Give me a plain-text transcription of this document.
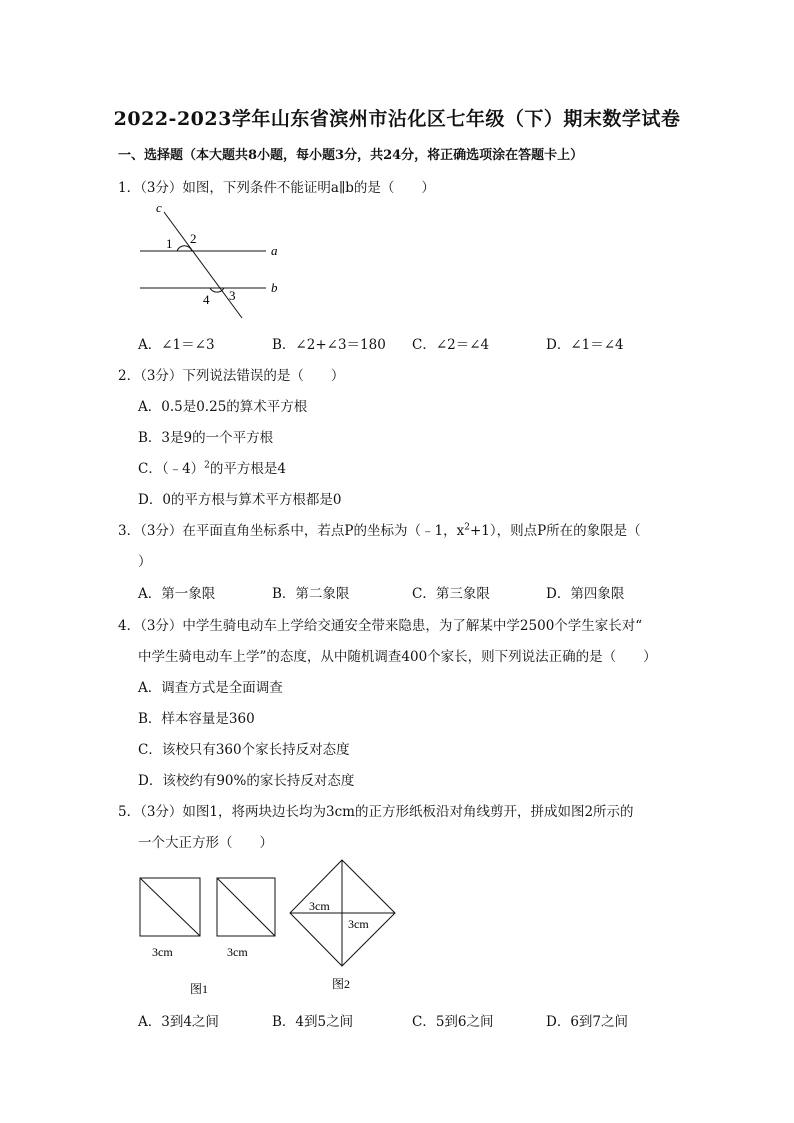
2022-2023学年山东省滨州市沾化区七年级（下）期末数学试卷
一、选择题（本大题共8小题，每小题3分，共24分，将正确选项涂在答题卡上）
1．（3分）如图，下列条件不能证明a∥b的是（　　）
c
a
b
1 2
3
4
A．∠1＝∠3	B．∠2+∠3＝180 C．∠2＝∠4	D．∠1＝∠4
2．（3分）下列说法错误的是（　　）
A．0.5是0.25的算术平方根
B．3是9的一个平方根
C．（﹣4）$^2$的平方根是4
D．0的平方根与算术平方根都是0
3．（3分）在平面直角坐标系中，若点P的坐标为（﹣1，$x^2+1$），则点P所在的象限是（
）
A．第一象限	B．第二象限	C．第三象限	D．第四象限
4．（3分）中学生骑电动车上学给交通安全带来隐患，为了解某中学2500个学生家长对“
中学生骑电动车上学”的态度，从中随机调查400个家长，则下列说法正确的是（　　）
A．调查方式是全面调查
B．样本容量是360
C．该校只有360个家长持反对态度
D．该校约有90%的家长持反对态度
5．（3分）如图1，将两块边长均为3cm的正方形纸板沿对角线剪开，拼成如图2所示的
一个大正方形（　　）
3cm	3cm
图1
3cm
3cm
图2
A．3到4之间	B．4到5之间	C．5到6之间	D．6到7之间
